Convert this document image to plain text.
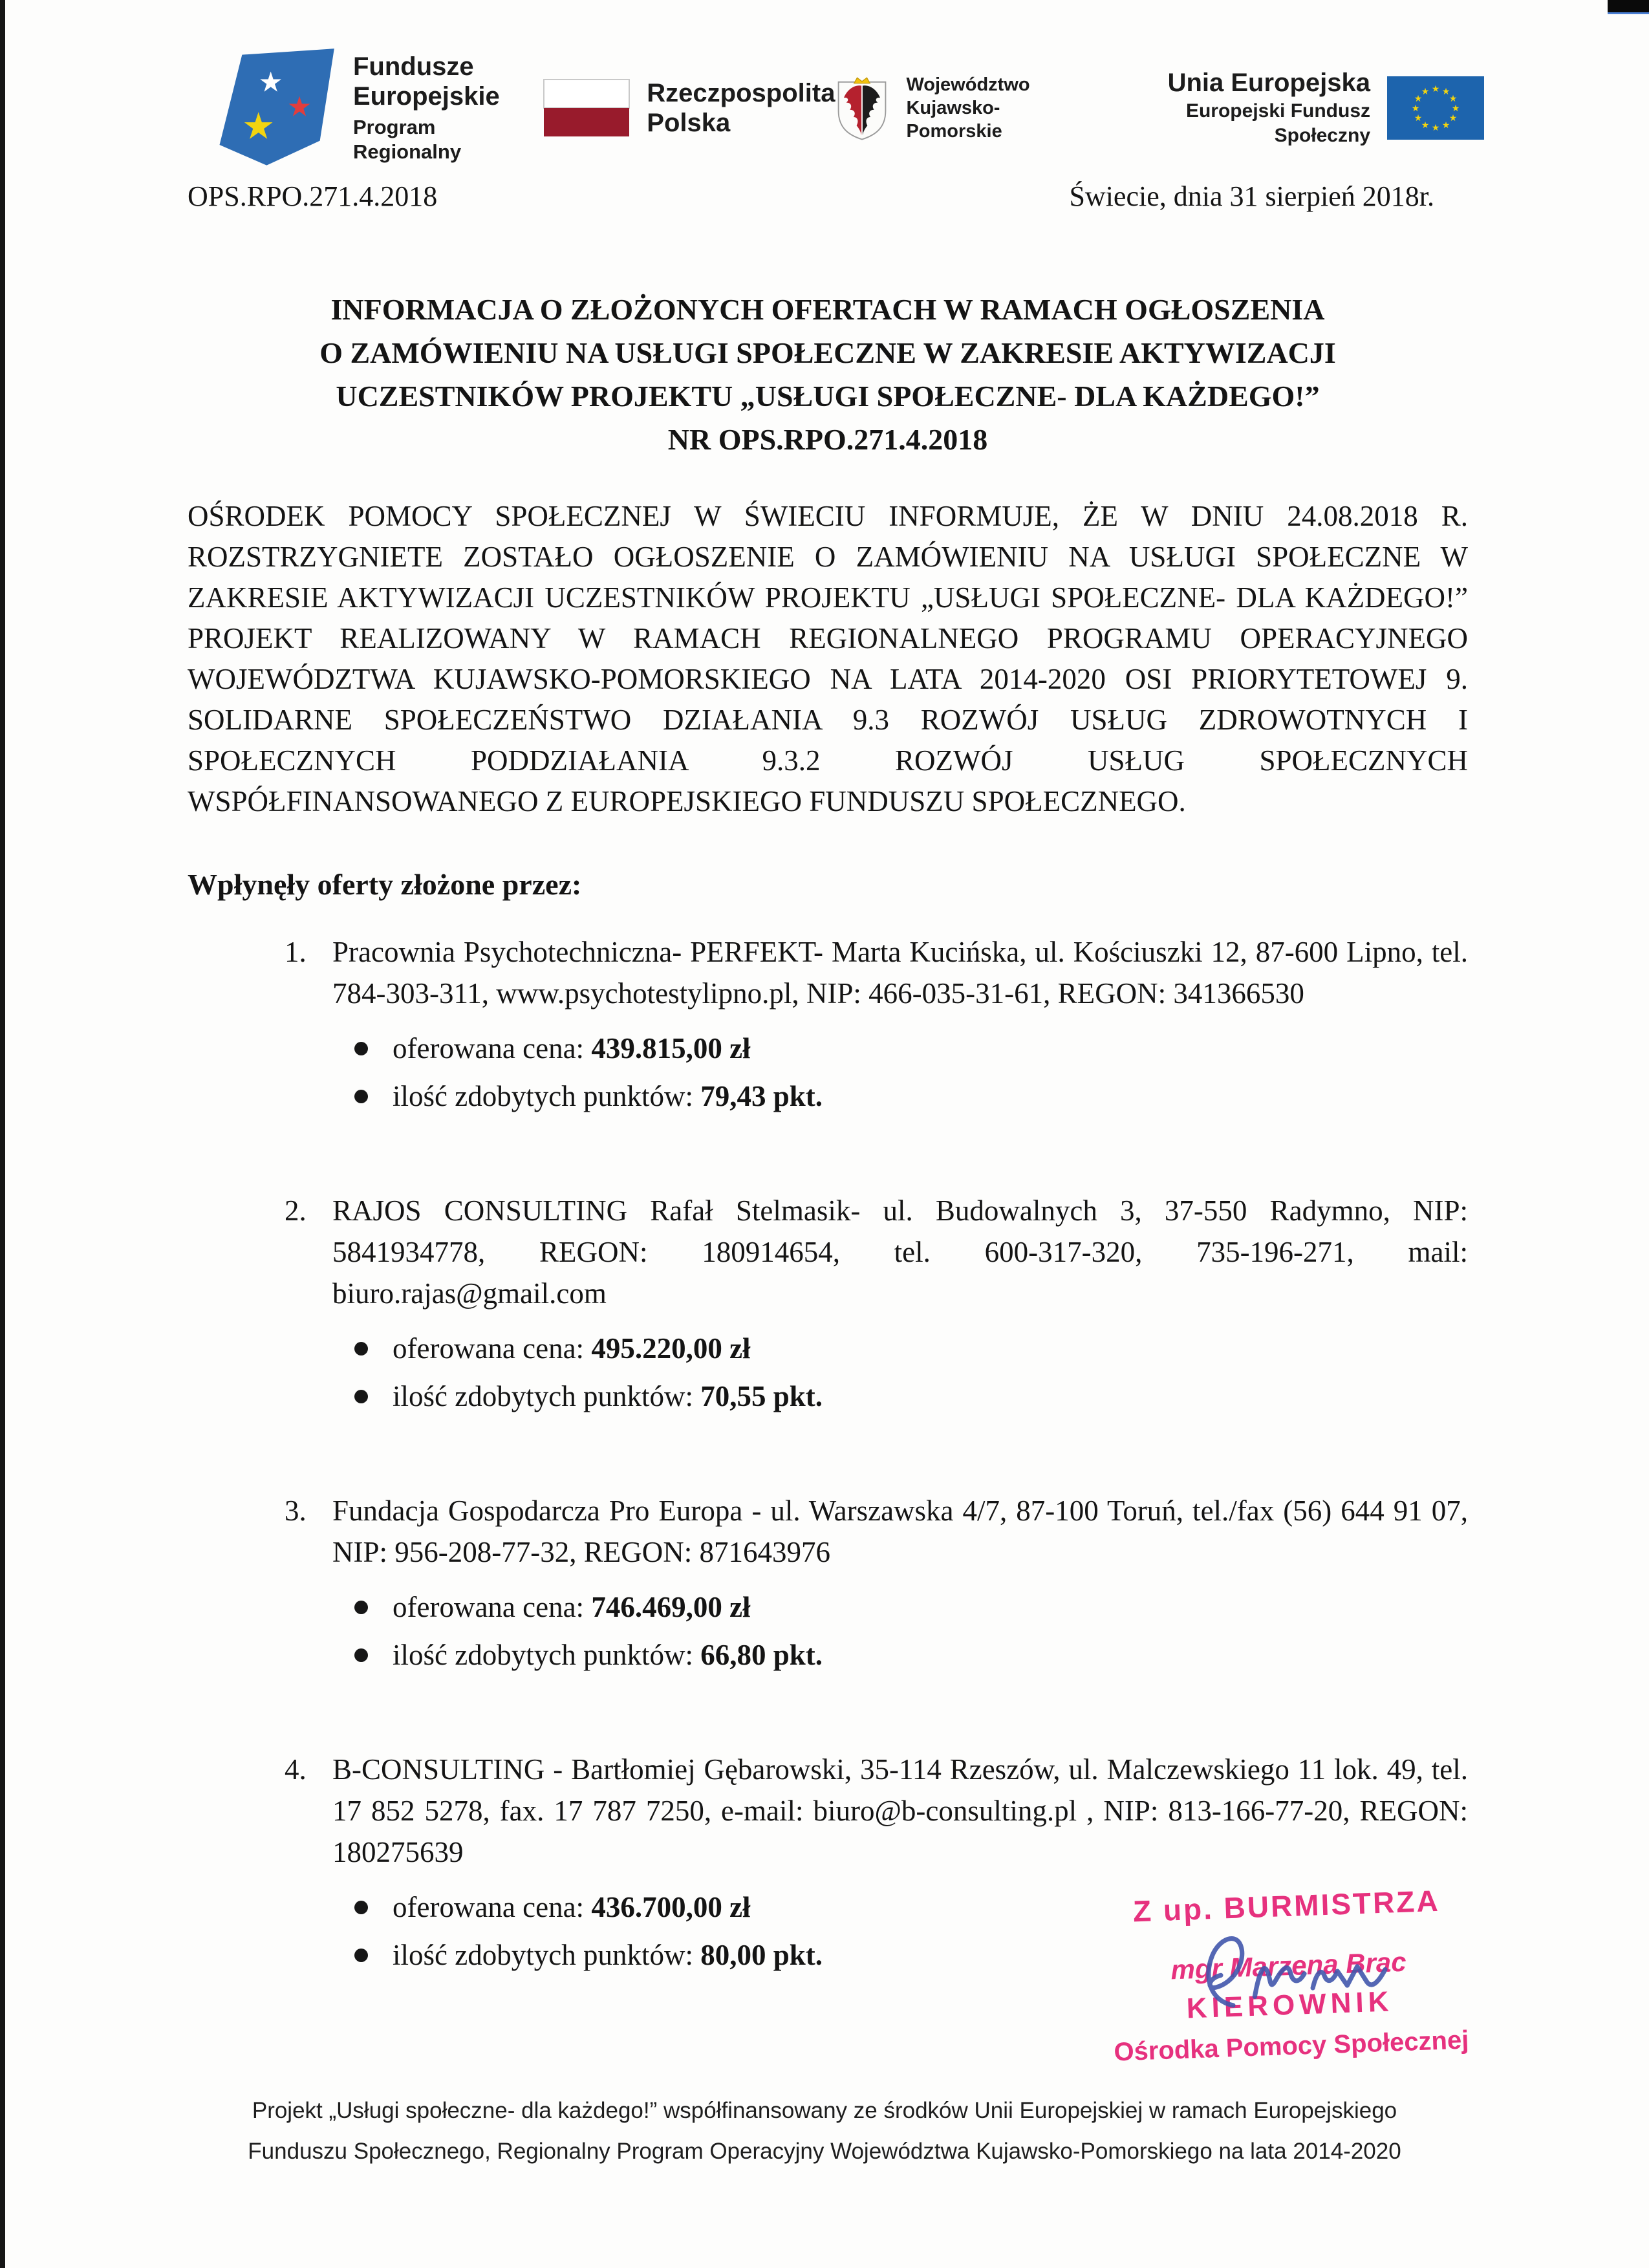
★
★ ★
Fundusze
Europejskie
Program Regionalny
Rzeczpospolita
Polska
Województwo
Kujawsko-Pomorskie
Unia Europejska
Europejski Fundusz Społeczny
★ ★
★
★
★
★
★
★
★
★
★
★
OPS.RPO.271.4.2018	Świecie, dnia 31 sierpień 2018r.
INFORMACJA O ZŁOŻONYCH OFERTACH W RAMACH OGŁOSZENIA
O ZAMÓWIENIU NA USŁUGI SPOŁECZNE W ZAKRESIE AKTYWIZACJI
UCZESTNIKÓW PROJEKTU „USŁUGI SPOŁECZNE- DLA KAŻDEGO!”
NR OPS.RPO.271.4.2018
OŚRODEK POMOCY SPOŁECZNEJ W ŚWIECIU INFORMUJE, ŻE W DNIU 24.08.2018 R. ROZSTRZYGNIETE ZOSTAŁO OGŁOSZENIE O ZAMÓWIENIU NA USŁUGI SPOŁECZNE W ZAKRESIE AKTYWIZACJI UCZESTNIKÓW PROJEKTU „USŁUGI SPOŁECZNE- DLA KAŻDEGO!” PROJEKT REALIZOWANY W RAMACH REGIONALNEGO PROGRAMU OPERACYJNEGO WOJEWÓDZTWA KUJAWSKO-POMORSKIEGO NA LATA 2014-2020 OSI PRIORYTETOWEJ 9. SOLIDARNE SPOŁECZEŃSTWO DZIAŁANIA 9.3 ROZWÓJ USŁUG ZDROWOTNYCH I SPOŁECZNYCH PODDZIAŁANIA 9.3.2 ROZWÓJ USŁUG SPOŁECZNYCH WSPÓŁFINANSOWANEGO Z EUROPEJSKIEGO FUNDUSZU SPOŁECZNEGO.
Wpłynęły oferty złożone przez:
1. Pracownia Psychotechniczna- PERFEKT- Marta Kucińska, ul. Kościuszki 12, 87-600 Lipno, tel. 784-303-311, www.psychotestylipno.pl, NIP: 466-035-31-61, REGON: 341366530
oferowana cena: 439.815,00 zł
ilość zdobytych punktów: 79,43 pkt.
2. RAJOS CONSULTING Rafał Stelmasik- ul. Budowalnych 3, 37-550 Radymno, NIP: 5841934778, REGON: 180914654, tel. 600-317-320, 735-196-271, mail: biuro.rajas@gmail.com
oferowana cena: 495.220,00 zł
ilość zdobytych punktów: 70,55 pkt.
3. Fundacja Gospodarcza Pro Europa - ul. Warszawska 4/7, 87-100 Toruń, tel./fax (56) 644 91 07, NIP: 956-208-77-32, REGON: 871643976
oferowana cena: 746.469,00 zł
ilość zdobytych punktów: 66,80 pkt.
4. B-CONSULTING - Bartłomiej Gębarowski, 35-114 Rzeszów, ul. Malczewskiego 11 lok. 49, tel. 17 852 5278, fax. 17 787 7250, e-mail: biuro@b-consulting.pl , NIP: 813-166-77-20, REGON: 180275639
oferowana cena: 436.700,00 zł
ilość zdobytych punktów: 80,00 pkt.
Z up. BURMISTRZA
mgr Marzena Brac
KIEROWNIK
Ośrodka Pomocy Społecznej
Projekt „Usługi społeczne- dla każdego!” współfinansowany ze środków Unii Europejskiej w ramach Europejskiego
Funduszu Społecznego, Regionalny Program Operacyjny Województwa Kujawsko-Pomorskiego na lata 2014-2020
